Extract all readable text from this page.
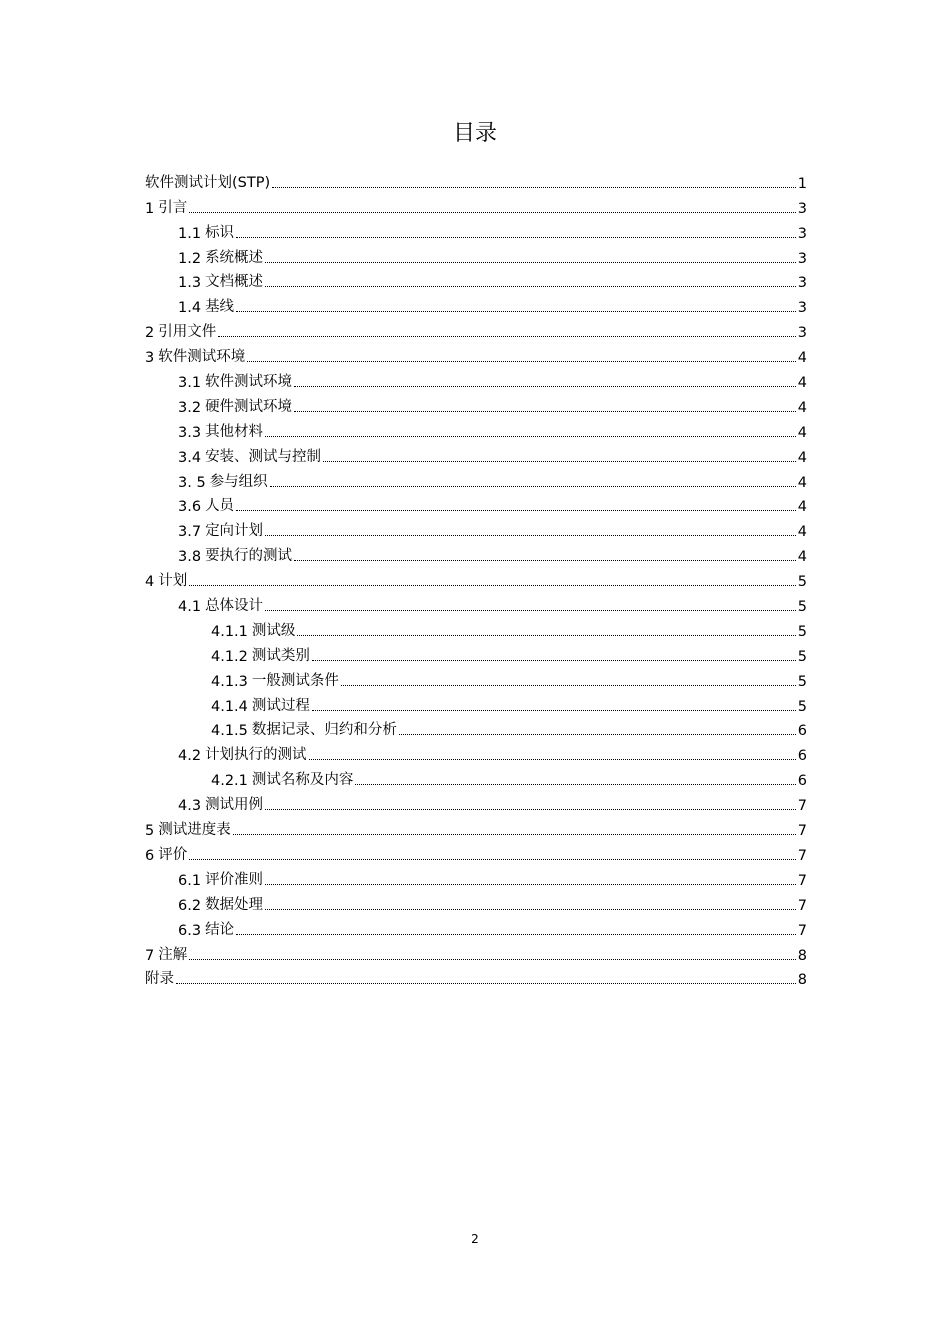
目录
软件测试计划(STP)	1
1 引言	3
1.1 标识	3
1.2 系统概述	3
1.3 文档概述	3
1.4 基线	3
2 引用文件	3
3 软件测试环境	4
3.1 软件测试环境	4
3.2 硬件测试环境	4
3.3 其他材料	4
3.4 安装、测试与控制	4
3. 5 参与组织	4
3.6 人员	4
3.7 定向计划	4
3.8 要执行的测试	4
4 计划	5
4.1 总体设计	5
4.1.1 测试级	5
4.1.2 测试类别	5
4.1.3 一般测试条件	5
4.1.4 测试过程	5
4.1.5 数据记录、归约和分析	6
4.2 计划执行的测试	6
4.2.1 测试名称及内容	6
4.3 测试用例	7
5 测试进度表	7
6 评价	7
6.1 评价准则	7
6.2 数据处理	7
6.3 结论	7
7 注解	8
附录	8
2
